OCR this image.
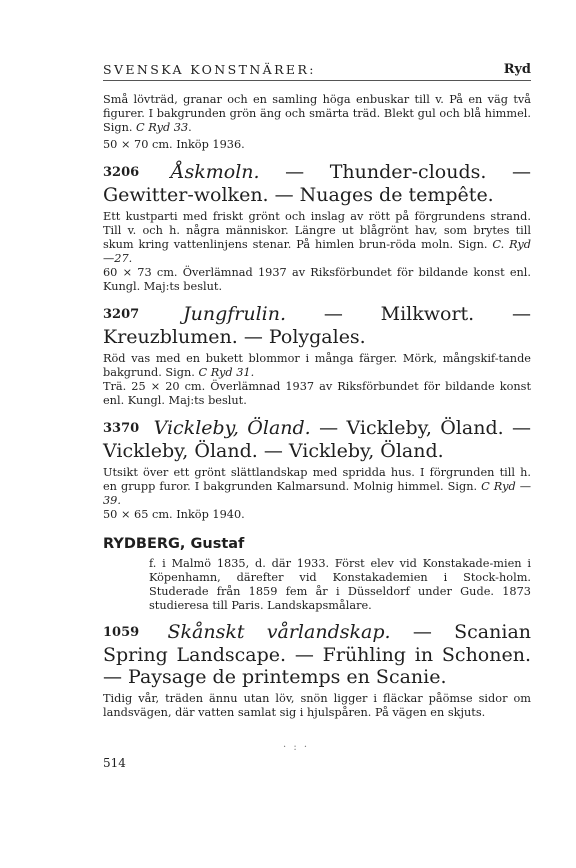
SVENSKA KONSTNÄRER:	Ryd

Små lövträd, granar och en samling höga enbuskar till v. På en väg två figurer. I bakgrunden grön äng och smärta träd. Blekt gul och blå himmel. Sign. C Ryd 33.

50 × 70 cm. Inköp 1936.

3206 Åskmoln. — Thunder-clouds. — Gewitter-wolken. — Nuages de tempête.

Ett kustparti med friskt grönt och inslag av rött på förgrundens strand. Till v. och h. några människor. Längre ut blågrönt hav, som brytes till skum kring vattenlinjens stenar. På himlen brun-röda moln. Sign. C. Ryd —27.

60 × 73 cm. Överlämnad 1937 av Riksförbundet för bildande konst enl. Kungl. Maj:ts beslut.

3207 Jungfrulin. — Milkwort. — Kreuzblumen. — Polygales.

Röd vas med en bukett blommor i många färger. Mörk, mångskif-tande bakgrund. Sign. C Ryd 31.

Trä. 25 × 20 cm. Överlämnad 1937 av Riksförbundet för bildande konst enl. Kungl. Maj:ts beslut.

3370 Vickleby, Öland. — Vickleby, Öland. — Vickleby, Öland. — Vickleby, Öland.

Utsikt över ett grönt slättlandskap med spridda hus. I förgrunden till h. en grupp furor. I bakgrunden Kalmarsund. Molnig himmel. Sign. C Ryd —39.

50 × 65 cm. Inköp 1940.

RYDBERG, Gustaf

f. i Malmö 1835, d. där 1933. Först elev vid Konstakade-mien i Köpenhamn, därefter vid Konstakademien i Stock-holm. Studerade från 1859 fem år i Düsseldorf under Gude. 1873 studieresa till Paris. Landskapsmålare.

1059 Skånskt vårlandskap. — Scanian Spring Landscape. — Frühling in Schonen. — Paysage de printemps en Scanie.

Tidig vår, träden ännu utan löv, snön ligger i fläckar påömse sidor om landsvägen, där vatten samlat sig i hjulspåren. På vägen en skjuts.

· : ·
514
